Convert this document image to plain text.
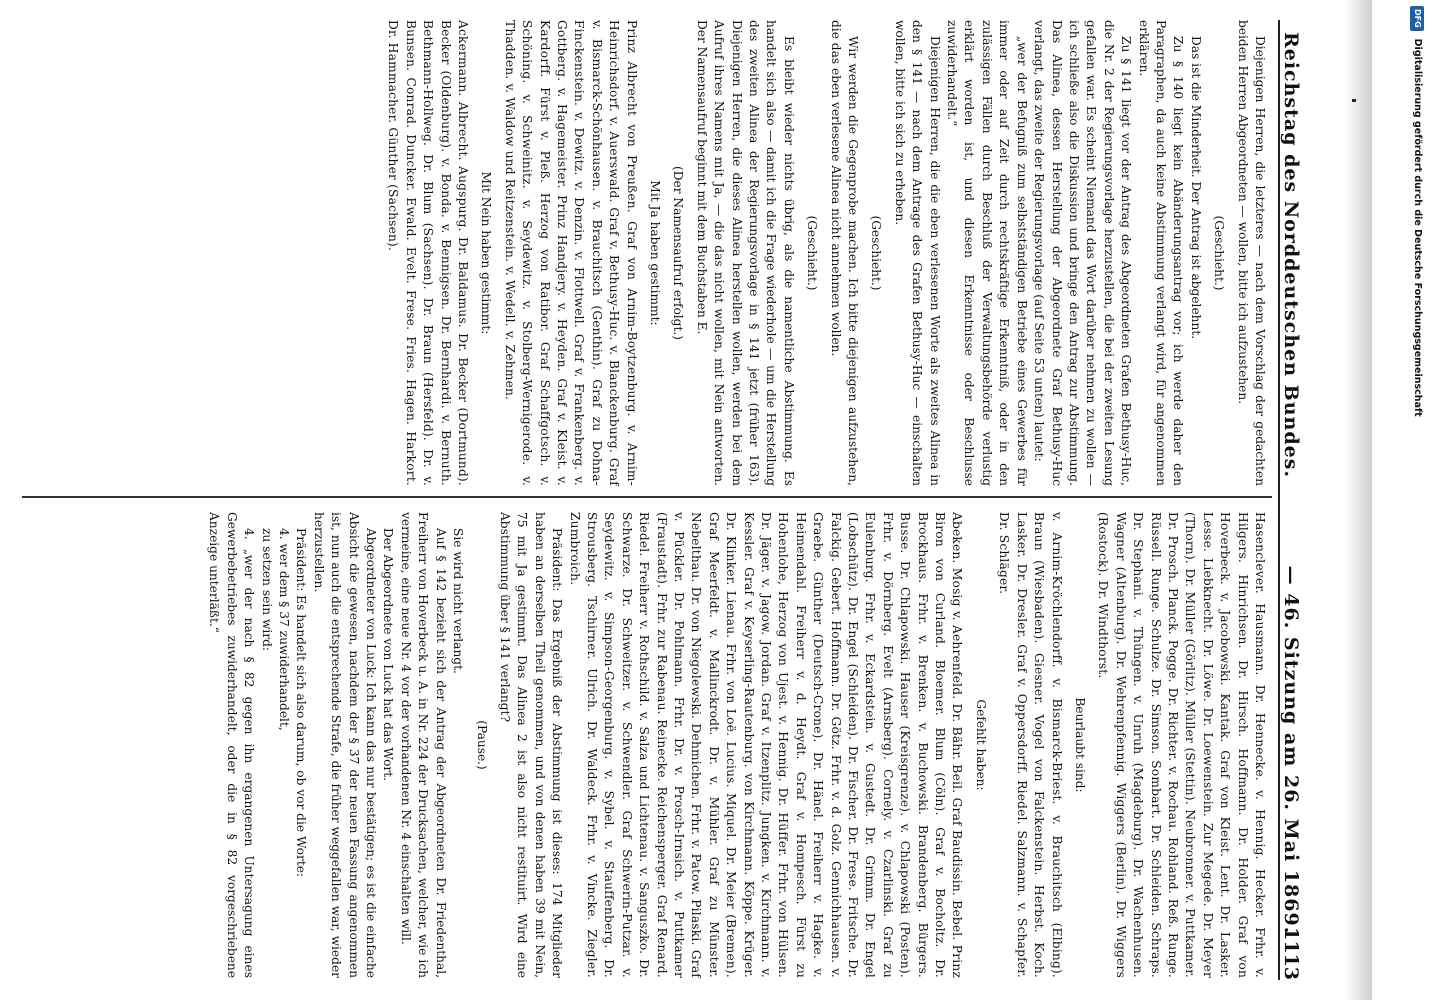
Reichstag des Norddeutschen Bundes.
— 46. Sitzung am 26. Mai 1869.
1113

Diejenigen Herren, die letzteres — nach dem Vorschlag der gedachten beiden Herren Abgeordneten — wollen, bitte ich aufzustehen.

(Geschieht.)

Das ist die Minderheit. Der Antrag ist abgelehnt.

Zu § 140 liegt kein Abänderungsantrag vor; ich werde daher den Paragraphen, da auch keine Abstimmung verlangt wird, für angenommen erklären.

Zu § 141 liegt vor der Antrag des Abgeordneten Grafen Bethusy-Huc, die Nr. 2 der Regierungsvorlage herzustellen, die bei der zweiten Lesung gefallen war. Es scheint Niemand das Wort darüber nehmen zu wollen — ich schließe also die Diskussion und bringe den Antrag zur Abstimmung. Das Alinea, dessen Herstellung der Abgeordnete Graf Bethusy-Huc verlangt, das zweite der Regierungsvorlage (auf Seite 53 unten) lautet:

„wer der Befugniß zum selbstständigen Betriebe eines Gewerbes für immer oder auf Zeit durch rechtskräftige Erkenntniß, oder in den zulässigen Fällen durch Beschluß der Verwaltungsbehörde verlustig erklärt worden ist, und diesen Erkenntnisse oder Beschlusse zuwiderhandelt.“

Diejenigen Herren, die die eben verlesenen Worte als zweites Alinea in den § 141 — nach dem Antrage des Grafen Bethusy-Huc — einschalten wollen, bitte ich sich zu erheben.

(Geschieht.)

Wir werden die Gegenprobe machen. Ich bitte diejenigen aufzustehen, die das eben verlesene Alinea nicht annehmen wollen.

(Geschieht.)

Es bleibt wieder nichts übrig, als die namentliche Abstimmung. Es handelt sich also — damit ich die Frage wiederhole — um die Herstellung des zweiten Alinea der Regierungsvorlage in § 141 jetzt (früher 163). Diejenigen Herren, die dieses Alinea herstellen wollen, werden bei dem Aufruf ihres Namens mit Ja, — die das nicht wollen, mit Nein antworten. Der Namensaufruf beginnt mit dem Buchstaben E.

(Der Namensaufruf erfolgt.)

Mit Ja haben gestimmt:

Prinz Albrecht von Preußen. Graf von Arnim-Boytzenburg. v. Arnim-Heinrichsdorf. v. Auerswald. Graf v. Bethusy-Huc. v. Blanckenburg. Graf v. Bismarck-Schönhausen. v. Brauchitsch (Genthin). Graf zu Dohna-Finckenstein. v. Dewitz. v. Denzin. v. Flottwell. Graf v. Frankenberg. v. Gottberg. v. Hagemeister. Prinz Handjery. v. Heyden. Graf v. Kleist. v. Kardorff. Fürst v. Pleß. Herzog von Ratibor. Graf Schaffgotsch. v. Schöning. v. Schweinitz. v. Seydewitz. v. Stolberg-Wernigerode. v. Thadden. v. Waldow und Reitzenstein. v. Wedell. v. Zehmen.

Mit Nein haben gestimmt:

Ackermann. Albrecht. Augspurg. Dr. Baldamus. Dr. Becker (Dortmund). Becker (Oldenburg). v. Bonda. v. Bennigsen. Dr. Bernhardi. v. Bernuth. Bethmann-Hollweg. Dr. Blum (Sachsen). Dr. Braun (Hersfeld). Dr. v. Bunsen. Conrad. Duncker. Ewald. Evelt. Frese. Fries. Hagen. Harkort. Dr. Hammacher. Günther (Sachsen).

Hasenclever. Hausmann. Dr. Hennecke. v. Hennig. Hecker. Frhr. v. Hilgers. Hinrichsen. Dr. Hirsch. Hoffmann. Dr. Holder. Graf von Hoverbeck. v. Jacobowski. Kantak. Graf von Kleist. Lent. Dr. Lasker. Lesse. Liebknecht. Dr. Löwe. Dr. Loewenstein. Zur Megede. Dr. Meyer (Thorn). Dr. Müller (Görlitz). Müller (Stettin). Neubronner. v. Puttkamer. Dr. Prosch. Planck. Pogge. Dr. Richter. v. Rochau. Rohland. Reß. Runge. Rüssell. Runge. Schulze. Dr. Simson. Sombart. Dr. Schleiden. Schraps. Dr. Stephani. v. Thüngen. v. Unruh (Magdeburg). Dr. Wachenhusen. Wagner (Altenburg). Dr. Wehrenpfennig. Wiggers (Berlin). Dr. Wiggers (Rostock). Dr. Windthorst.

Beurlaubt sind:

v. Arnim-Kröchlendorff. v. Bismarck-Briest. v. Brauchitsch (Elbing). Braun (Wiesbaden). Giesner. Vogel von Falckenstein. Herbst. Koch. Lasker. Dr. Dresler. Graf v. Oppersdorff. Riedel. Salzmann. v. Schapfer. Dr. Schläger.

Gefehlt haben:

Abeken. Mosig v. Aehrenfeld. Dr. Bähr. Beil. Graf Baudissin. Bebel. Prinz Biron von Curland. Bloemer. Blum (Cöln). Graf v. Bocholtz. Dr. Brockhaus. Frhr. v. Brenken. v. Buchowski. Brandenberg. Bürgers. Busse. Dr. Chlapowski. Hauser (Kreisgrenze). v. Chlapowski (Posten). Frhr. v. Dörnberg. Evelt (Arnsberg). Cornely. v. Czarlinski. Graf zu Eulenburg. Frhr. v. Eckardstein. v. Gustedt. Dr. Grimm. Dr. Engel (Lobschütz). Dr. Engel (Schleiden). Dr. Fischer. Dr. Frese. Fritsche. Dr. Falckig. Gebert. Hoffmann. Dr. Götz. Frhr. v. d. Golz. Gennichhausen. v. Graebe. Günther (Deutsch-Crone). Dr. Hänel. Freiherr v. Hagke. v. Heimendahl. Freiherr v. d. Heydt. Graf v. Hompesch. Fürst zu Hohenlohe, Herzog von Ujest. v. Hennig. Dr. Hüffer. Frhr. von Hülsen. Dr. Jäger. v. Jagow. Jordan. Graf v. Itzenplitz. Jungken. v. Kirchmann. v. Kessler. Graf v. Keyserling-Rautenburg. von Kirchmann. Köppe. Krüger. Dr. Klinker. Lienau. Frhr. von Loë. Lucius. Miquel. Dr. Meier (Bremen). Graf Meerfeldt. v. Mallinckrodt. Dr. v. Mühler. Graf zu Münster. Nebelthau. Dr. von Niegolewski. Dehmichen. Frhr. v. Patow. Pilaski. Graf v. Pückler. Dr. Pohlmann. Frhr. Dr. v. Prosch-Irnsich. v. Puttkamer (Fraustadt). Frhr. zur Rabenau. Reinecke. Reichensperger. Graf Renard. Riedel. Freiherr v. Rothschild. v. Salza und Lichtenau. v. Sanguszko. Dr. Schwarze. Dr. Schweitzer. v. Schwendler. Graf Schwerin-Putzar. v. Seydewitz. v. Simpson-Georgenburg. v. Sybel. v. Stauffenberg. Dr. Strousberg. Tschirner. Ulrich. Dr. Waldeck. Frhr. v. Vincke. Ziegler. Zumbroich.

Präsident: Das Ergebniß der Abstimmung ist dieses: 174 Mitglieder haben an derselben Theil genommen, und von denen haben 39 mit Nein, 75 mit Ja gestimmt. Das Alinea 2 ist also nicht restituirt. Wird eine Abstimmung über § 141 verlangt?

(Pause.)

Sie wird nicht verlangt.

Auf § 142 bezieht sich der Antrag der Abgeordneten Dr. Friedenthal, Freiherr von Hoverbeck u. A. in Nr. 224 der Drucksachen, welcher, wie ich vermeine, eine neue Nr. 4 vor der vorhandenen Nr. 4 einschalten will.

Der Abgeordnete von Luck hat das Wort.

Abgeordneter von Luck: Ich kann das nur bestätigen; es ist die einfache Absicht die gewesen, nachdem der § 37 der neuen Fassung angenommen ist, nun auch die entsprechende Strafe, die früher weggefallen war, wieder herzustellen.

Präsident: Es handelt sich also darum, ob vor die Worte:

4. wer dem § 37 zuwiderhandelt,

zu setzen sein wird:

4. „wer der nach § 82 gegen ihn ergangenen Untersagung eines Gewerbebetriebes zuwiderhandelt, oder die in § 82 vorgeschriebene Anzeige unterläßt.“

DFG
Digitalisierung gefördert durch die Deutsche Forschungsgemeinschaft
